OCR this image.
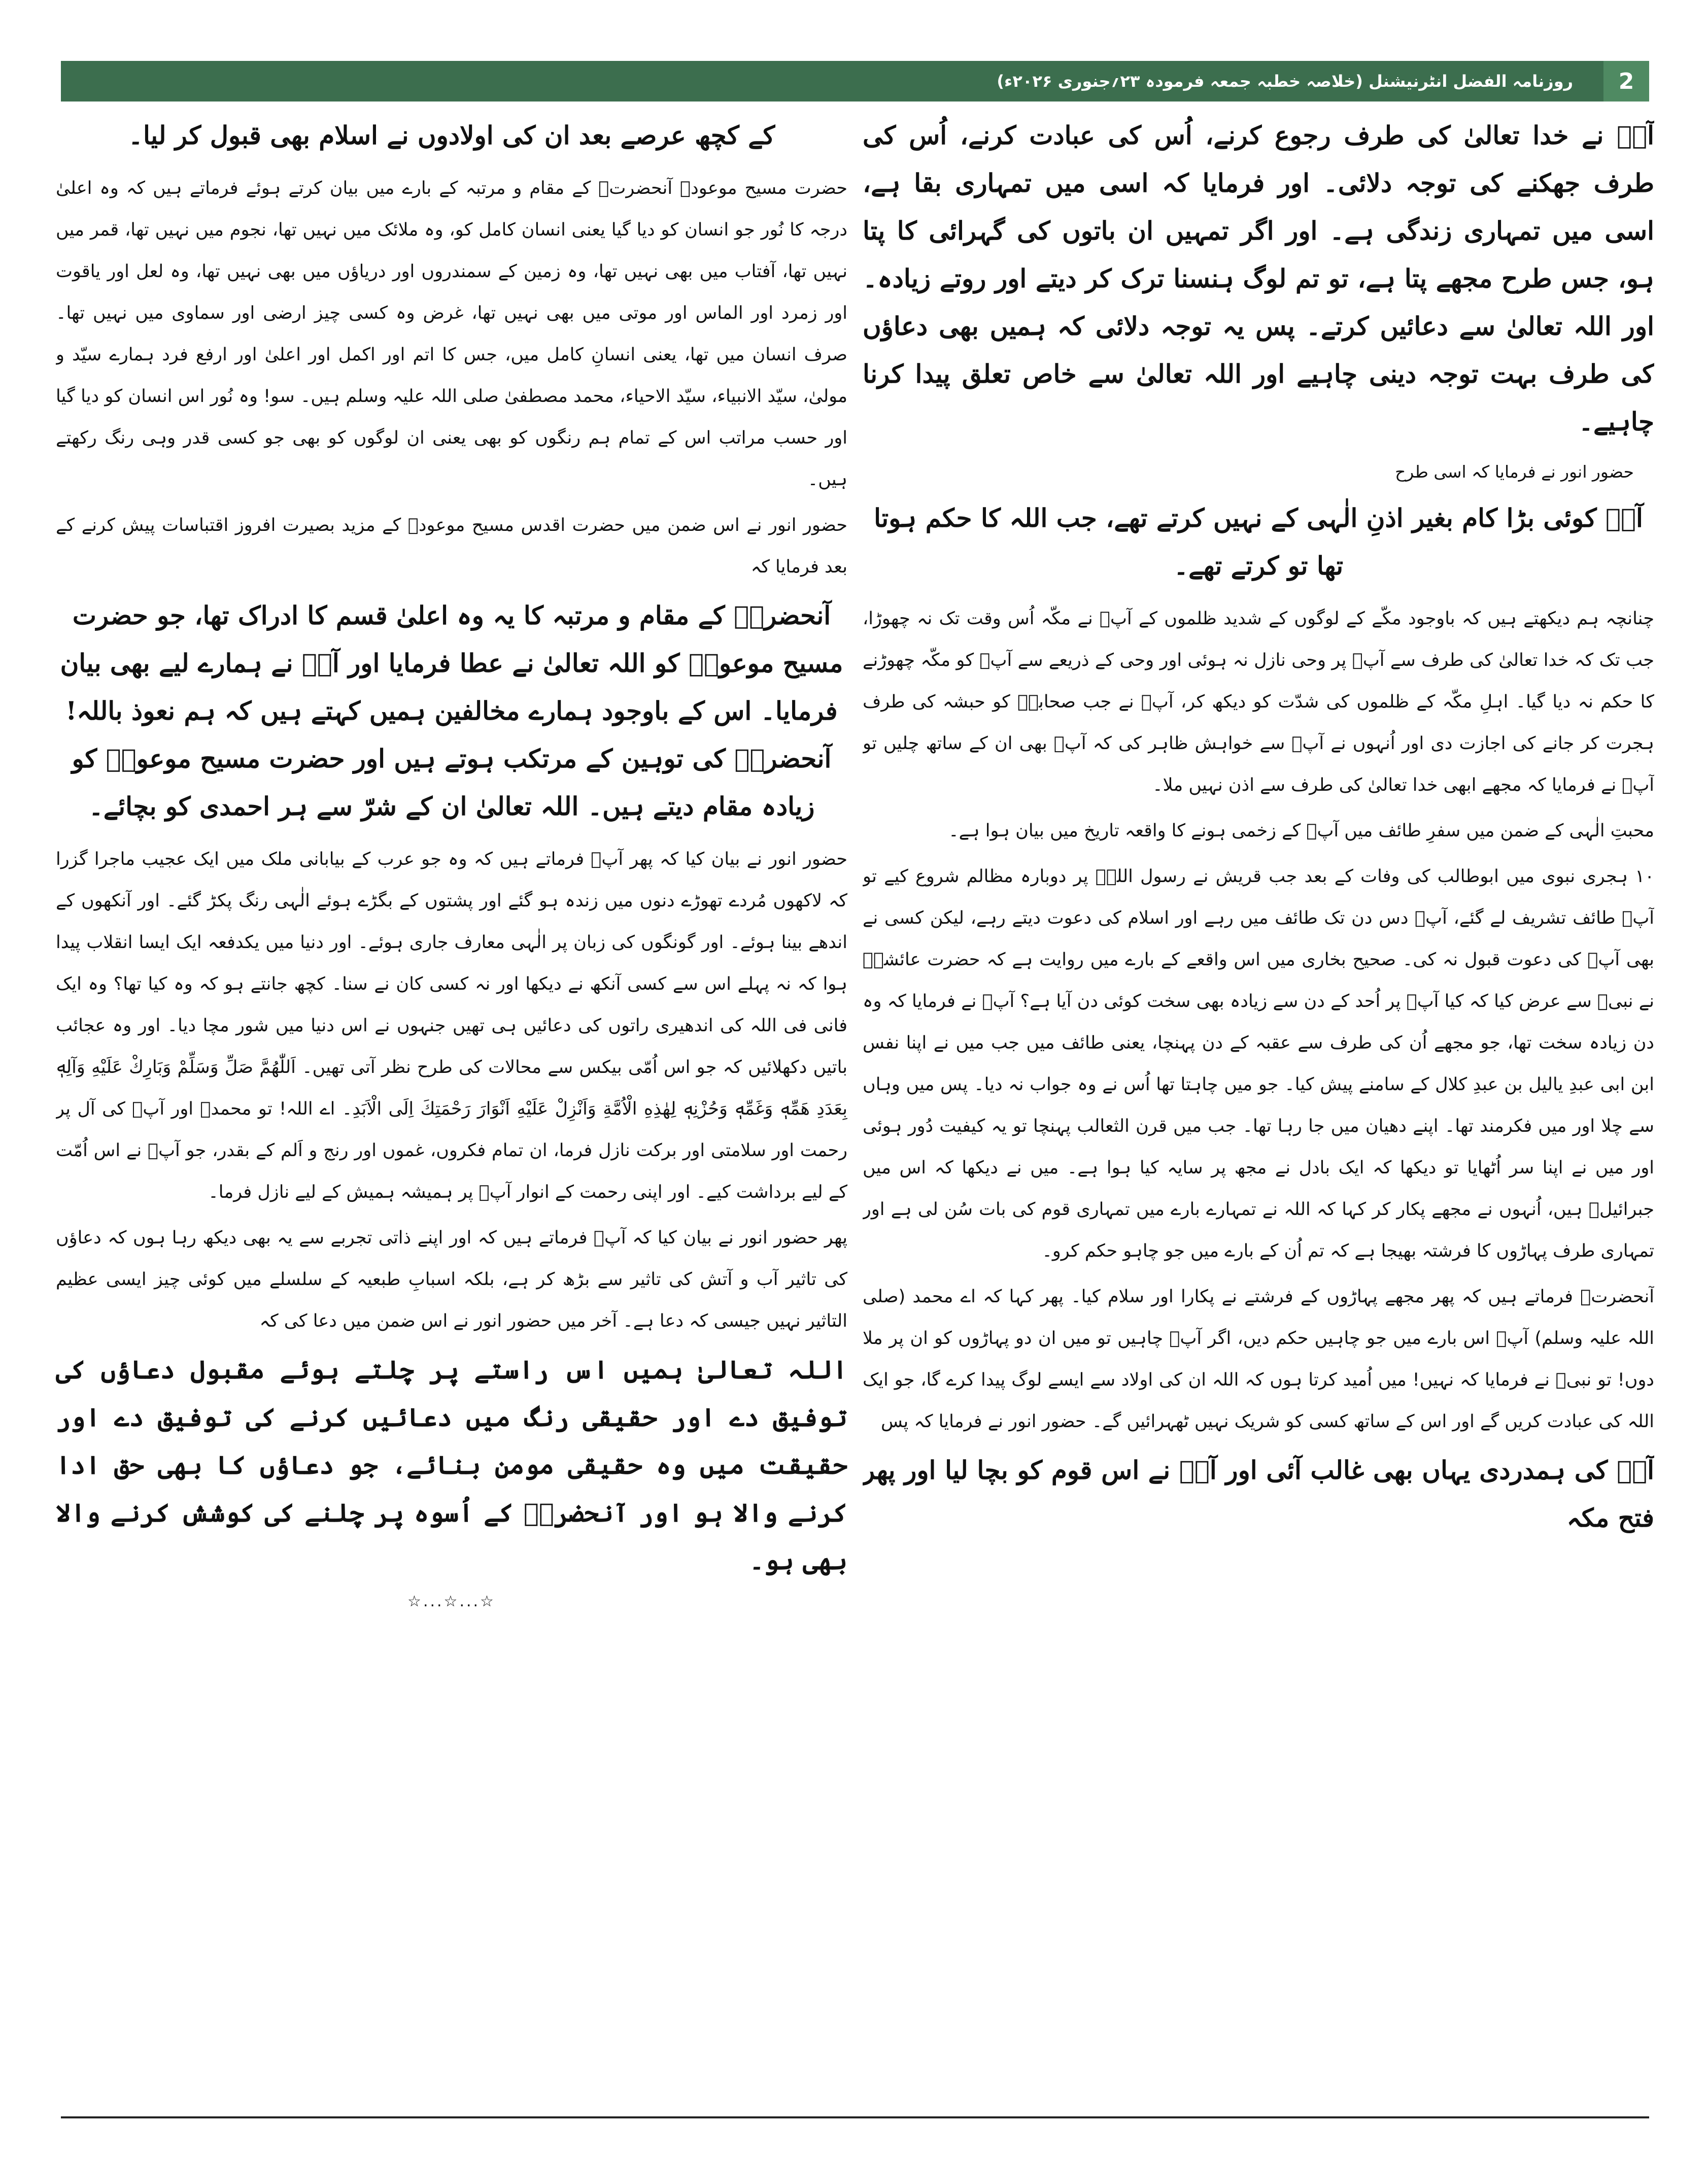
روزنامہ الفضل انٹرنیشنل (خلاصہ خطبہ جمعہ فرمودہ ۲۳؍جنوری ۲۰۲۶ء)	2
آپؐ نے خدا تعالیٰ کی طرف رجوع کرنے، اُس کی عبادت کرنے، اُس کی طرف جھکنے کی توجہ دلائی۔ اور فرمایا کہ اسی میں تمہاری بقا ہے، اسی میں تمہاری زندگی ہے۔ اور اگر تمہیں ان باتوں کی گہرائی کا پتا ہو، جس طرح مجھے پتا ہے، تو تم لوگ ہنسنا ترک کر دیتے اور روتے زیادہ۔ اور اللہ تعالیٰ سے دعائیں کرتے۔ پس یہ توجہ دلائی کہ ہمیں بھی دعاؤں کی طرف بہت توجہ دینی چاہیے اور اللہ تعالیٰ سے خاص تعلق پیدا کرنا چاہیے۔
حضور انور نے فرمایا کہ اسی طرح
آپؐ کوئی بڑا کام بغیر اذنِ الٰہی کے نہیں کرتے تھے، جب اللہ کا حکم ہوتا تھا تو کرتے تھے۔
چنانچہ ہم دیکھتے ہیں کہ باوجود مکّے کے لوگوں کے شدید ظلموں کے آپؐ نے مکّہ اُس وقت تک نہ چھوڑا، جب تک کہ خدا تعالیٰ کی طرف سے آپؐ پر وحی نازل نہ ہوئی اور وحی کے ذریعے سے آپؐ کو مکّہ چھوڑنے کا حکم نہ دیا گیا۔ اہلِ مکّہ کے ظلموں کی شدّت کو دیکھ کر، آپؐ نے جب صحابہؓ کو حبشہ کی طرف ہجرت کر جانے کی اجازت دی اور اُنہوں نے آپؐ سے خواہش ظاہر کی کہ آپؐ بھی ان کے ساتھ چلیں تو آپؐ نے فرمایا کہ مجھے ابھی خدا تعالیٰ کی طرف سے اذن نہیں ملا۔
محبتِ الٰہی کے ضمن میں سفرِ طائف میں آپؐ کے زخمی ہونے کا واقعہ تاریخ میں بیان ہوا ہے۔
۱۰ ہجری نبوی میں ابوطالب کی وفات کے بعد جب قریش نے رسول اللہؐ پر دوبارہ مظالم شروع کیے تو آپؐ طائف تشریف لے گئے، آپؐ دس دن تک طائف میں رہے اور اسلام کی دعوت دیتے رہے، لیکن کسی نے بھی آپؐ کی دعوت قبول نہ کی۔ صحیح بخاری میں اس واقعے کے بارے میں روایت ہے کہ حضرت عائشہؓ نے نبیؐ سے عرض کیا کہ کیا آپؐ پر اُحد کے دن سے زیادہ بھی سخت کوئی دن آیا ہے؟ آپؐ نے فرمایا کہ وہ دن زیادہ سخت تھا، جو مجھے اُن کی طرف سے عقبہ کے دن پہنچا، یعنی طائف میں جب میں نے اپنا نفس ابن ابی عبدِ یالیل بن عبدِ کلال کے سامنے پیش کیا۔ جو میں چاہتا تھا اُس نے وہ جواب نہ دیا۔ پس میں وہاں سے چلا اور میں فکرمند تھا۔ اپنے دھیان میں جا رہا تھا۔ جب میں قرن الثعالب پہنچا تو یہ کیفیت دُور ہوئی اور میں نے اپنا سر اُٹھایا تو دیکھا کہ ایک بادل نے مجھ پر سایہ کیا ہوا ہے۔ میں نے دیکھا کہ اس میں جبرائیلؑ ہیں، اُنہوں نے مجھے پکار کر کہا کہ اللہ نے تمہارے بارے میں تمہاری قوم کی بات سُن لی ہے اور تمہاری طرف پہاڑوں کا فرشتہ بھیجا ہے کہ تم اُن کے بارے میں جو چاہو حکم کرو۔
آنحضرتؐ فرماتے ہیں کہ پھر مجھے پہاڑوں کے فرشتے نے پکارا اور سلام کیا۔ پھر کہا کہ اے محمد (صلی اللہ علیہ وسلم) آپؐ اس بارے میں جو چاہیں حکم دیں، اگر آپؐ چاہیں تو میں ان دو پہاڑوں کو ان پر ملا دوں! تو نبیؐ نے فرمایا کہ نہیں! میں اُمید کرتا ہوں کہ اللہ ان کی اولاد سے ایسے لوگ پیدا کرے گا، جو ایک اللہ کی عبادت کریں گے اور اس کے ساتھ کسی کو شریک نہیں ٹھہرائیں گے۔ حضور انور نے فرمایا کہ پس
آپؐ کی ہمدردی یہاں بھی غالب آئی اور آپؐ نے اس قوم کو بچا لیا اور پھر فتح مکہ
کے کچھ عرصے بعد ان کی اولادوں نے اسلام بھی قبول کر لیا۔
حضرت مسیح موعودؑ آنحضرتؐ کے مقام و مرتبہ کے بارے میں بیان کرتے ہوئے فرماتے ہیں کہ وہ اعلیٰ درجہ کا نُور جو انسان کو دیا گیا یعنی انسان کامل کو، وہ ملائک میں نہیں تھا، نجوم میں نہیں تھا، قمر میں نہیں تھا، آفتاب میں بھی نہیں تھا، وہ زمین کے سمندروں اور دریاؤں میں بھی نہیں تھا، وہ لعل اور یاقوت اور زمرد اور الماس اور موتی میں بھی نہیں تھا، غرض وہ کسی چیز ارضی اور سماوی میں نہیں تھا۔ صرف انسان میں تھا، یعنی انسانِ کامل میں، جس کا اتم اور اکمل اور اعلیٰ اور ارفع فرد ہمارے سیّد و مولیٰ، سیّد الانبیاء، سیّد الاحیاء، محمد مصطفیٰ صلی اللہ علیہ وسلم ہیں۔ سو! وہ نُور اس انسان کو دیا گیا اور حسب مراتب اس کے تمام ہم رنگوں کو بھی یعنی ان لوگوں کو بھی جو کسی قدر وہی رنگ رکھتے ہیں۔
حضور انور نے اس ضمن میں حضرت اقدس مسیح موعودؑ کے مزید بصیرت افروز اقتباسات پیش کرنے کے بعد فرمایا کہ
آنحضرتؐ کے مقام و مرتبہ کا یہ وہ اعلیٰ قسم کا ادراک تھا، جو حضرت مسیح موعودؑ کو اللہ تعالیٰ نے عطا فرمایا اور آپؑ نے ہمارے لیے بھی بیان فرمایا۔ اس کے باوجود ہمارے مخالفین ہمیں کہتے ہیں کہ ہم نعوذ باللہ! آنحضرتؐ کی توہین کے مرتکب ہوتے ہیں اور حضرت مسیح موعودؑ کو زیادہ مقام دیتے ہیں۔ اللہ تعالیٰ ان کے شرّ سے ہر احمدی کو بچائے۔
حضور انور نے بیان کیا کہ پھر آپؑ فرماتے ہیں کہ وہ جو عرب کے بیابانی ملک میں ایک عجیب ماجرا گزرا کہ لاکھوں مُردے تھوڑے دنوں میں زندہ ہو گئے اور پشتوں کے بگڑے ہوئے الٰہی رنگ پکڑ گئے۔ اور آنکھوں کے اندھے بینا ہوئے۔ اور گونگوں کی زبان پر الٰہی معارف جاری ہوئے۔ اور دنیا میں یکدفعہ ایک ایسا انقلاب پیدا ہوا کہ نہ پہلے اس سے کسی آنکھ نے دیکھا اور نہ کسی کان نے سنا۔ کچھ جانتے ہو کہ وہ کیا تھا؟ وہ ایک فانی فی اللہ کی اندھیری راتوں کی دعائیں ہی تھیں جنہوں نے اس دنیا میں شور مچا دیا۔ اور وہ عجائب باتیں دکھلائیں کہ جو اس اُمّی بیکس سے محالات کی طرح نظر آتی تھیں۔ اَللّٰهُمَّ صَلِّ وَسَلِّمْ وَبَارِكْ عَلَيْهِ وَآلِهٖ بِعَدَدِ هَمِّهٖ وَغَمِّهٖ وَحُزْنِهٖ لِهٰذِهِ الْاُمَّةِ وَاَنْزِلْ عَلَيْهِ اَنْوَارَ رَحْمَتِكَ اِلَى الْاَبَدِ۔ اے اللہ! تو محمدؐ اور آپؐ کی آل پر رحمت اور سلامتی اور برکت نازل فرما، ان تمام فکروں، غموں اور رنج و اَلم کے بقدر، جو آپؐ نے اس اُمّت کے لیے برداشت کیے۔ اور اپنی رحمت کے انوار آپؐ پر ہمیشہ ہمیش کے لیے نازل فرما۔
پھر حضور انور نے بیان کیا کہ آپؑ فرماتے ہیں کہ اور اپنے ذاتی تجربے سے یہ بھی دیکھ رہا ہوں کہ دعاؤں کی تاثیر آب و آتش کی تاثیر سے بڑھ کر ہے، بلکہ اسبابِ طبعیہ کے سلسلے میں کوئی چیز ایسی عظیم التاثیر نہیں جیسی کہ دعا ہے۔ آخر میں حضور انور نے اس ضمن میں دعا کی کہ
اللہ تعالیٰ ہمیں اس راستے پر چلتے ہوئے مقبول دعاؤں کی توفیق دے اور حقیقی رنگ میں دعائیں کرنے کی توفیق دے اور حقیقت میں وہ حقیقی مومن بنائے، جو دعاؤں کا بھی حق ادا کرنے والا ہو اور آنحضرتؐ کے اُسوہ پر چلنے کی کوشش کرنے والا بھی ہو۔
☆...☆...☆
